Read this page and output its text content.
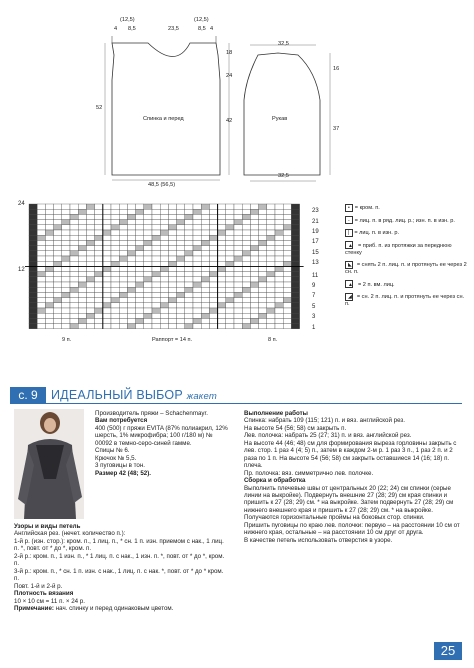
(12,5)	(12,5)
4 8,5	23,5	8,5 4
18
52
24
42
48,5 (56,5)
Спинка и перед
32,5
32,5
16
37
Рукав
24
12
23
21
19
17
15
13
11
9
7
5
3
1
9 п.	Раппорт = 14 п.	8 п.
• = кром. п.
- = лиц. п. в ряд. лиц. р.; изн. п. в изн. р.
| = лиц. п. в изн. р.
▲ = приб. п. из протяжки за переднюю стенку
◣ = снять 2 п. лиц. п. и протянуть ее через 2 сн. п.
▲ = 2 п. вм. лиц.
◢ = сн. 2 п. лиц. п. и протянуть ее через сн. п.
с. 9	ИДЕАЛЬНЫЙ ВЫБОР жакет

Производитель пряжи – Schachenmayr.

Вам потребуется

400 (500) г пряжи EVITA (87% полиакрил, 12% шерсть, 1% микрофибра; 100 г/180 м) № 00092 в темно-серо-синей гамме.

Спицы № 6.

Крючок № 5,5.

3 пуговицы в тон.

Размер 42 (48; 52).

Узоры и виды петель

Английская рез. (нечет. количество п.):

1-й р. (изн. стор.): кром. п., 1 лиц. п., * сн. 1 п. изн. приемом с нак., 1 лиц. п. *, повт. от * до *, кром. п.

2-й р.: кром. п., 1 изн. п., * 1 лиц. п. с нак., 1 изн. п. *, повт. от * до *, кром. п.

3-й р.: кром. п., * сн. 1 п. изн. с нак., 1 лиц. п. с нак. *, повт. от * до * кром. п.

Повт. 1-й и 2-й р.

Плотность вязания

10 × 10 см = 11 п. × 24 р.

Примечание: нач. спинку и перед одинаковым цветом.

Выполнение работы

Спинка: набрать 109 (115; 121) п. и вяз. английской рез.

На высоте 54 (56; 58) см закрыть п.

Лев. полочка: набрать 25 (27; 31) п. и вяз. английской рез.

На высоте 44 (46; 48) см для формирования выреза горловины закрыть с лев. стор. 1 раз 4 (4; 5) п., затем в каждом 2-м р. 1 раз 3 п., 1 раз 2 п. и 2 раза по 1 п. На высоте 54 (56; 58) см закрыть оставшиеся 14 (16; 18) п. плеча.

Пр. полочка: вяз. симметрично лев. полочке.

Сборка и обработка

Выполнить плечевые швы от центральных 20 (22; 24) см спинки (серые линии на выкройке). Подвернуть внешние 27 (28; 29) см края спинки и пришить к 27 (28; 29) см. * на выкройке. Затем подвернуть 27 (28; 29) см нижнего внешнего края и пришить к 27 (28; 29) см. * на выкройке.

Получаются горизонтальные проймы на боковых стор. спинки.

Пришить пуговицы по краю лев. полочки: первую – на расстоянии 10 см от нижнего края, остальные – на расстоянии 10 см друг от друга.

В качестве петель использовать отверстия в узоре.

25
